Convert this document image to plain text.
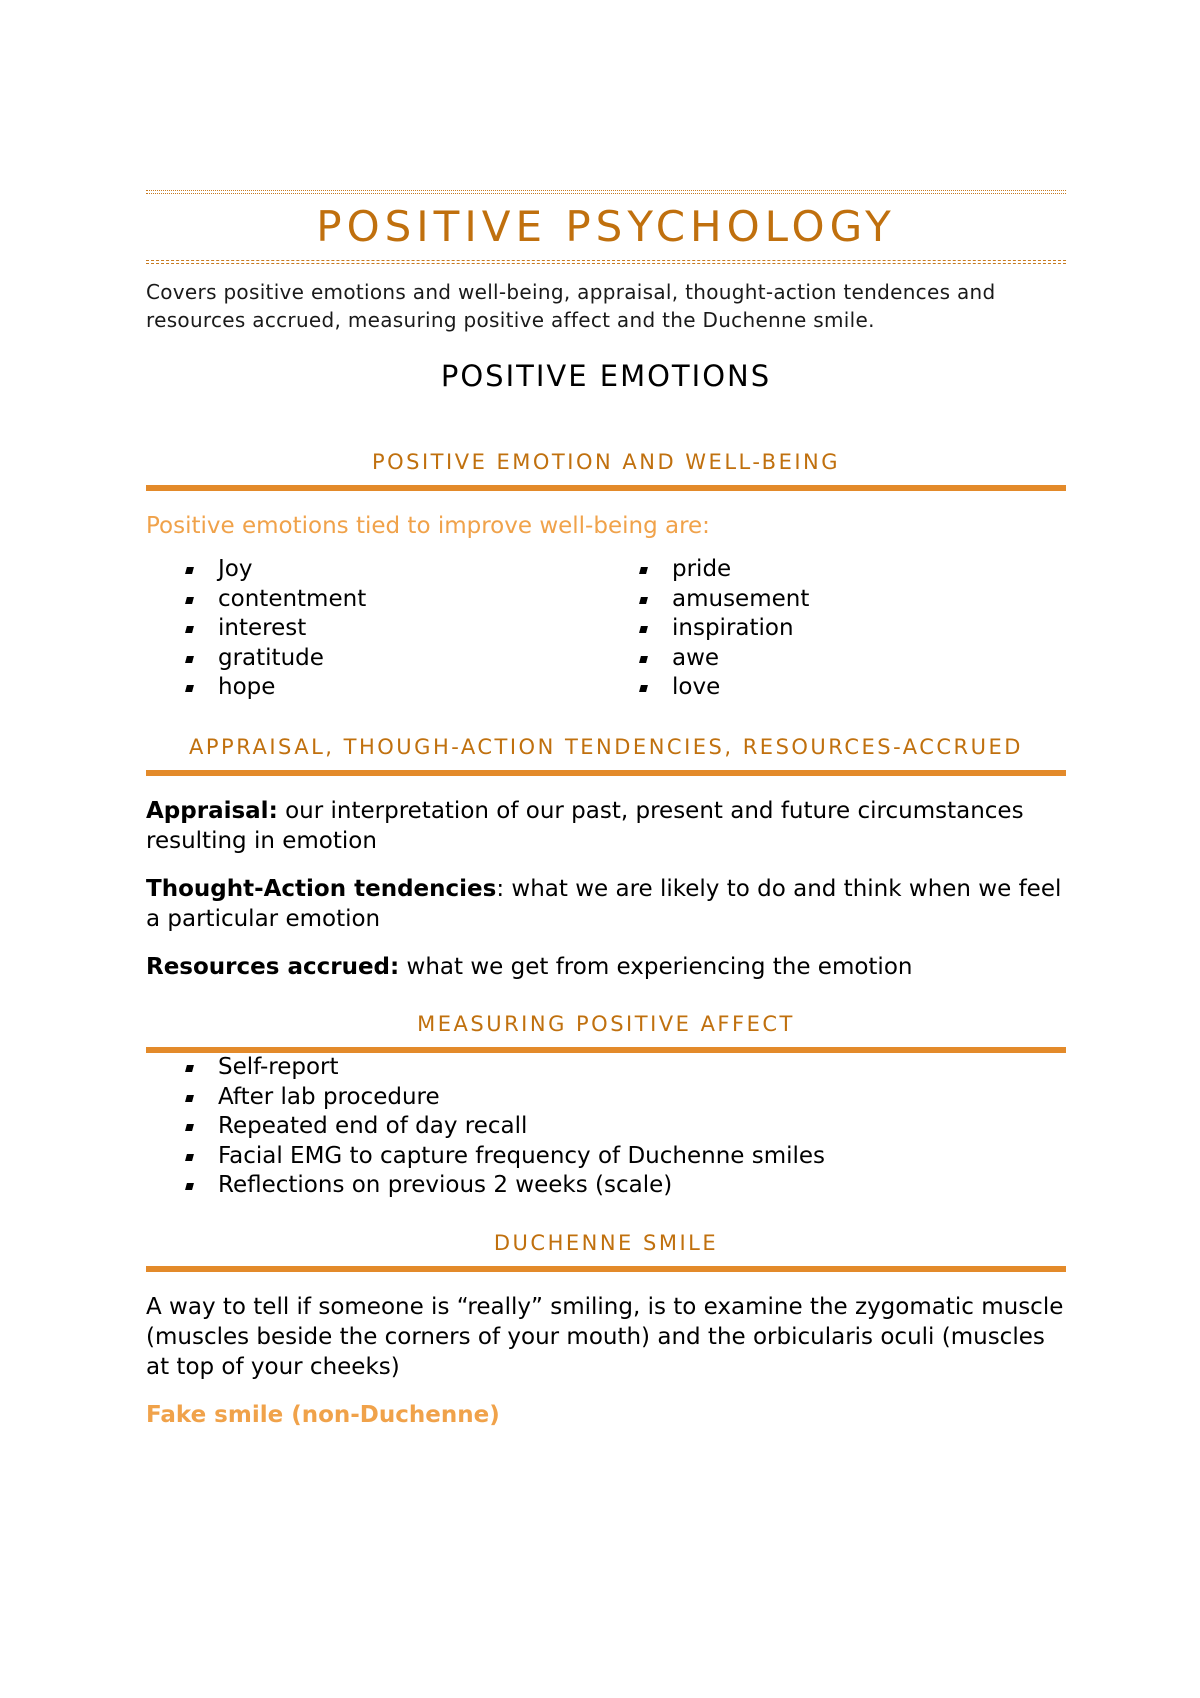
POSITIVE PSYCHOLOGY
Covers positive emotions and well-being, appraisal, thought-action tendences and resources accrued, measuring positive affect and the Duchenne smile.
POSITIVE EMOTIONS
POSITIVE EMOTION AND WELL-BEING
Positive emotions tied to improve well-being are:
Joy
contentment
interest
gratitude
hope
pride
amusement
inspiration
awe
love
APPRAISAL, THOUGH-ACTION TENDENCIES, RESOURCES-ACCRUED
Appraisal: our interpretation of our past, present and future circumstances resulting in emotion
Thought-Action tendencies: what we are likely to do and think when we feel a particular emotion
Resources accrued: what we get from experiencing the emotion
MEASURING POSITIVE AFFECT
Self-report
After lab procedure
Repeated end of day recall
Facial EMG to capture frequency of Duchenne smiles
Reflections on previous 2 weeks (scale)
DUCHENNE SMILE
A way to tell if someone is “really” smiling, is to examine the zygomatic muscle (muscles beside the corners of your mouth) and the orbicularis oculi (muscles at top of your cheeks)
Fake smile (non-Duchenne)
